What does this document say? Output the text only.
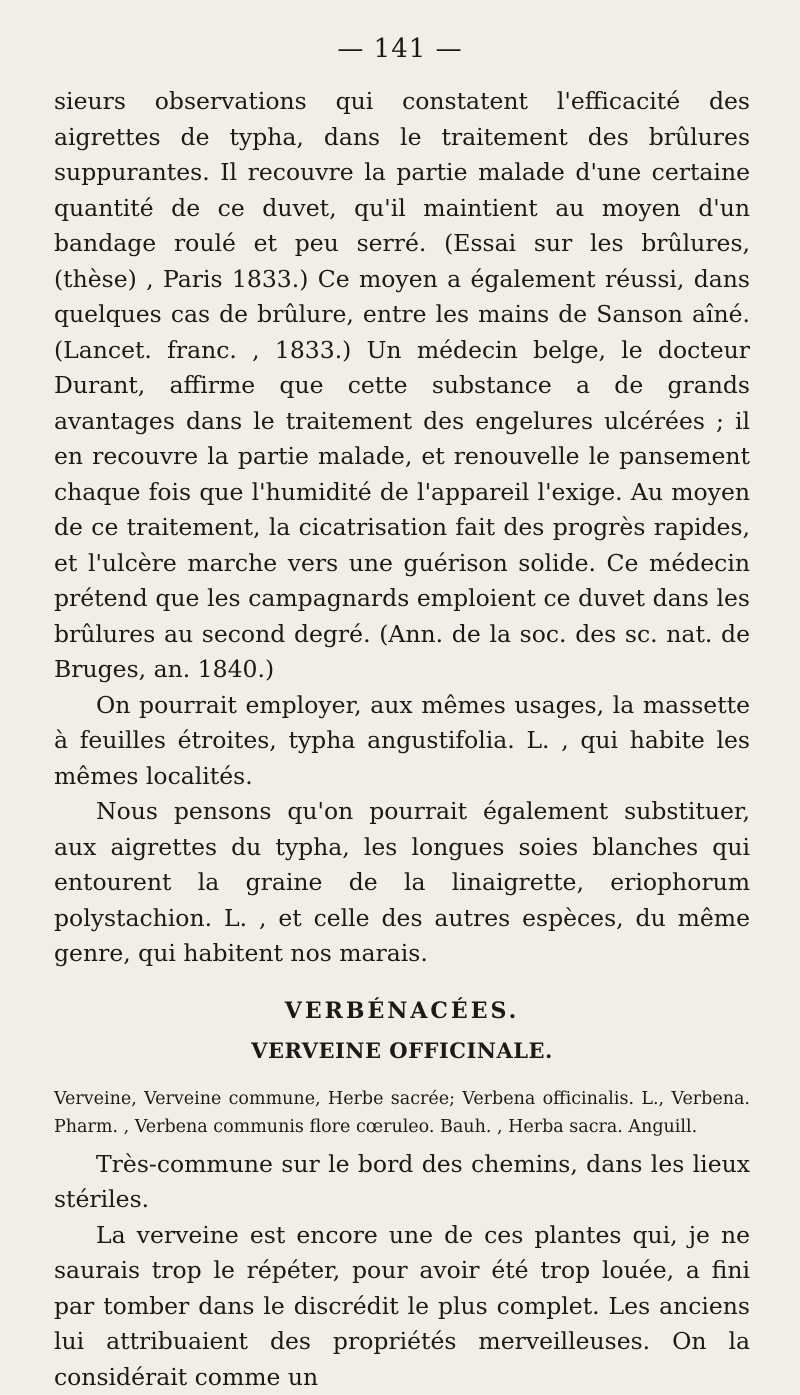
— 141 —

sieurs observations qui constatent l'efficacité des aigrettes de typha, dans le traitement des brûlures suppurantes. Il recouvre la partie malade d'une certaine quantité de ce duvet, qu'il maintient au moyen d'un bandage roulé et peu serré. (Essai sur les brûlures, (thèse) , Paris 1833.) Ce moyen a également réussi, dans quelques cas de brûlure, entre les mains de Sanson aîné. (Lancet. franc. , 1833.) Un médecin belge, le docteur Durant, affirme que cette substance a de grands avantages dans le traitement des engelures ulcérées ; il en recouvre la partie malade, et renouvelle le pansement chaque fois que l'humidité de l'appareil l'exige. Au moyen de ce traitement, la cicatrisation fait des progrès rapides, et l'ulcère marche vers une guérison solide. Ce médecin prétend que les campagnards emploient ce duvet dans les brûlures au second degré. (Ann. de la soc. des sc. nat. de Bruges, an. 1840.)

On pourrait employer, aux mêmes usages, la massette à feuilles étroites, typha angustifolia. L. , qui habite les mêmes localités.

Nous pensons qu'on pourrait également substituer, aux aigrettes du typha, les longues soies blanches qui entourent la graine de la linaigrette, eriophorum polystachion. L. , et celle des autres espèces, du même genre, qui habitent nos marais.

VERBÉNACÉES.
VERVEINE OFFICINALE.
Verveine, Verveine commune, Herbe sacrée; Verbena officinalis. L., Verbena. Pharm. , Verbena communis flore cœruleo. Bauh. , Herba sacra. Anguill.

Très-commune sur le bord des chemins, dans les lieux stériles.

La verveine est encore une de ces plantes qui, je ne saurais trop le répéter, pour avoir été trop louée, a fini par tomber dans le discrédit le plus complet. Les anciens lui attribuaient des propriétés merveilleuses. On la considérait comme un
